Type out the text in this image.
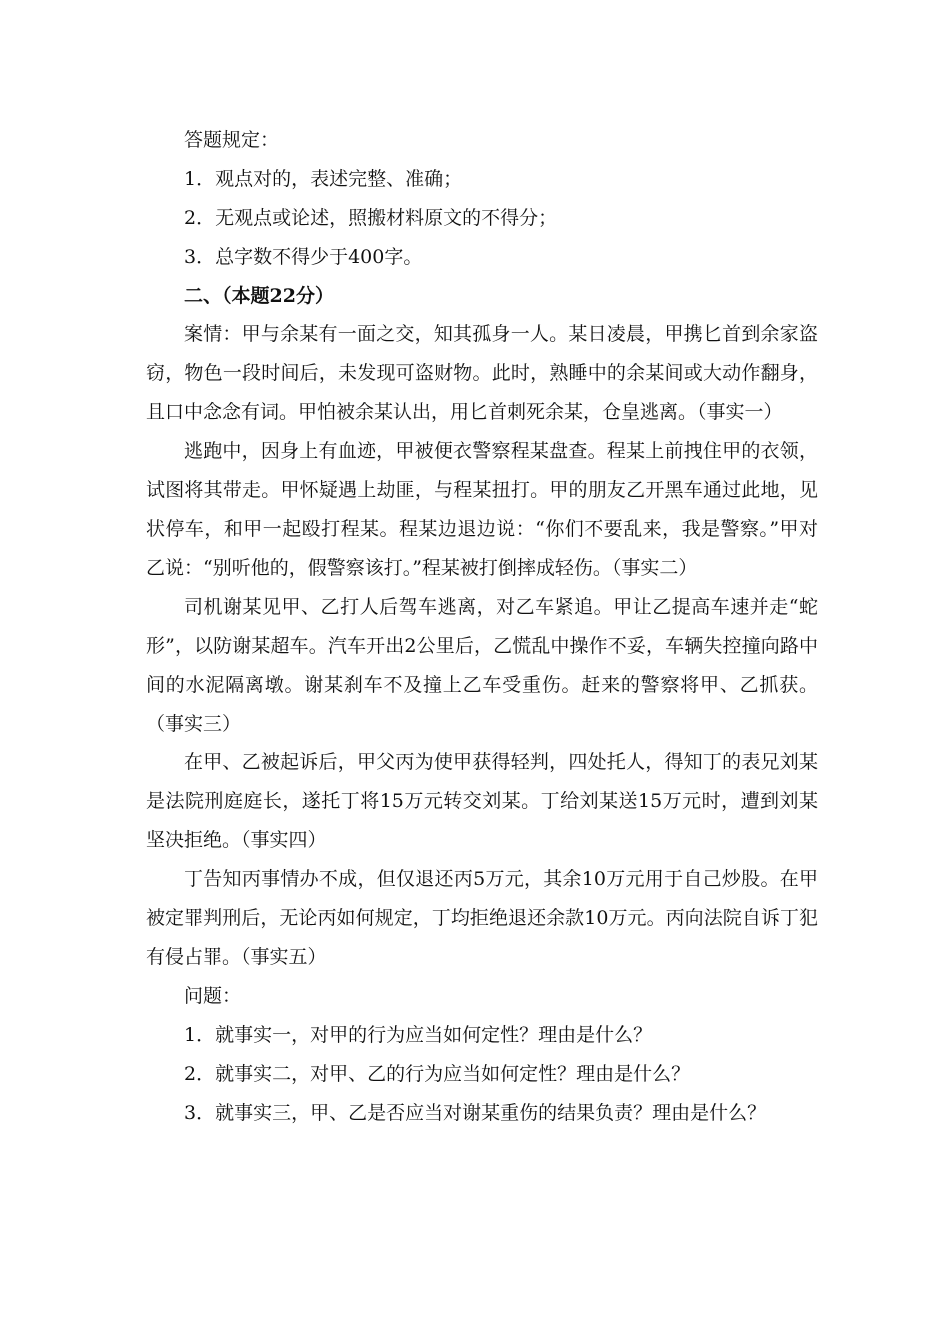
答题规定：
1．观点对的，表述完整、准确；
2．无观点或论述，照搬材料原文的不得分；
3．总字数不得少于400字。
二、（本题22分）

案情：甲与余某有一面之交，知其孤身一人。某日凌晨，甲携匕首到余家盗窃，物色一段时间后，未发现可盗财物。此时，熟睡中的余某间或大动作翻身，且口中念念有词。甲怕被余某认出，用匕首刺死余某，仓皇逃离。（事实一）

逃跑中，因身上有血迹，甲被便衣警察程某盘查。程某上前拽住甲的衣领，试图将其带走。甲怀疑遇上劫匪，与程某扭打。甲的朋友乙开黑车通过此地，见状停车，和甲一起殴打程某。程某边退边说：“你们不要乱来，我是警察。”甲对乙说：“别听他的，假警察该打。”程某被打倒摔成轻伤。（事实二）

司机谢某见甲、乙打人后驾车逃离，对乙车紧追。甲让乙提高车速并走“蛇形”，以防谢某超车。汽车开出2公里后，乙慌乱中操作不妥，车辆失控撞向路中间的水泥隔离墩。谢某刹车不及撞上乙车受重伤。赶来的警察将甲、乙抓获。（事实三）

在甲、乙被起诉后，甲父丙为使甲获得轻判，四处托人，得知丁的表兄刘某是法院刑庭庭长，遂托丁将15万元转交刘某。丁给刘某送15万元时，遭到刘某坚决拒绝。（事实四）

丁告知丙事情办不成，但仅退还丙5万元，其余10万元用于自己炒股。在甲被定罪判刑后，无论丙如何规定，丁均拒绝退还余款10万元。丙向法院自诉丁犯有侵占罪。（事实五）

问题：
1．就事实一，对甲的行为应当如何定性？理由是什么？
2．就事实二，对甲、乙的行为应当如何定性？理由是什么？
3．就事实三，甲、乙是否应当对谢某重伤的结果负责？理由是什么？
